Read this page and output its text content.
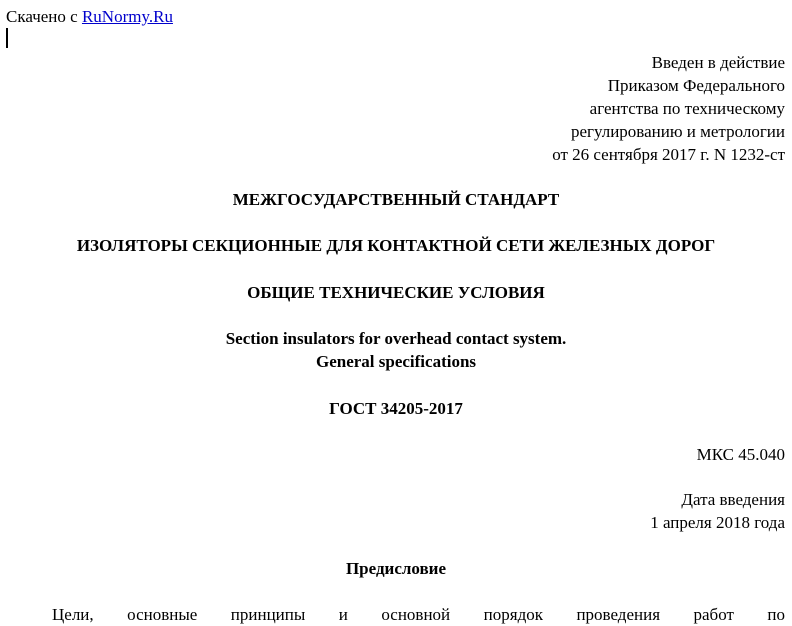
Скачено с RuNormy.Ru
Введен в действие
Приказом Федерального
агентства по техническому
регулированию и метрологии
от 26 сентября 2017 г. N 1232-ст
МЕЖГОСУДАРСТВЕННЫЙ СТАНДАРТ
ИЗОЛЯТОРЫ СЕКЦИОННЫЕ ДЛЯ КОНТАКТНОЙ СЕТИ ЖЕЛЕЗНЫХ ДОРОГ
ОБЩИЕ ТЕХНИЧЕСКИЕ УСЛОВИЯ
Section insulators for overhead contact system.
General specifications
ГОСТ 34205-2017
МКС 45.040
Дата введения
1 апреля 2018 года
Предисловие
Цели, основные принципы и основной порядок проведения работ по
